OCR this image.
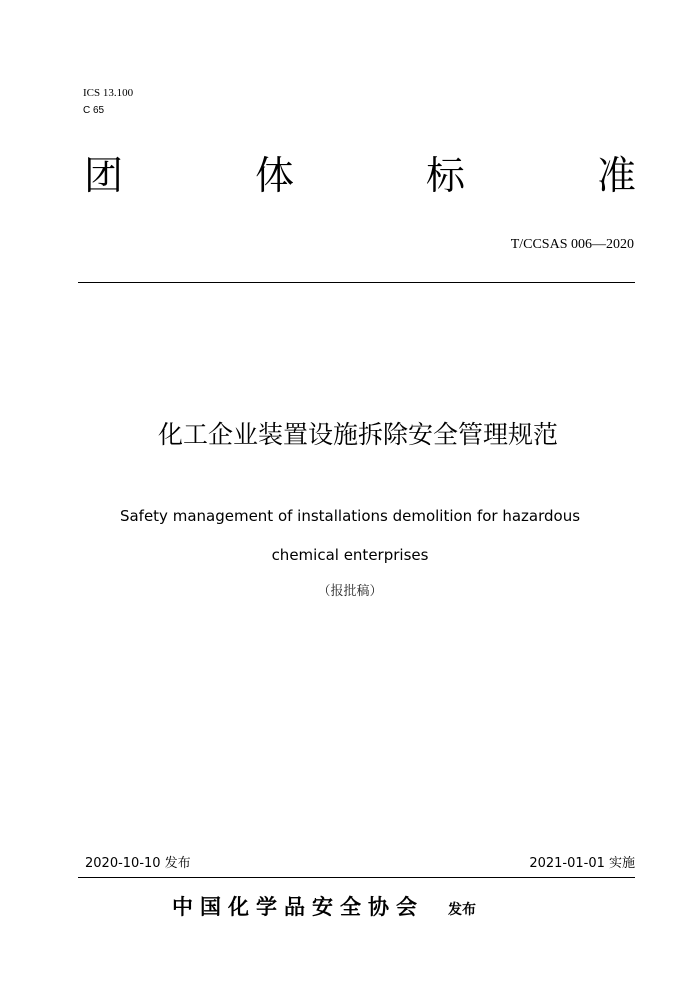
ICS 13.100
C 65
团	体	标	准
T/CCSAS 006—2020
化工企业装置设施拆除安全管理规范
Safety management of installations demolition for hazardous
chemical enterprises
（报批稿）
2020-10-10 发布	2021-01-01 实施
中国化学品安全协会 发布
